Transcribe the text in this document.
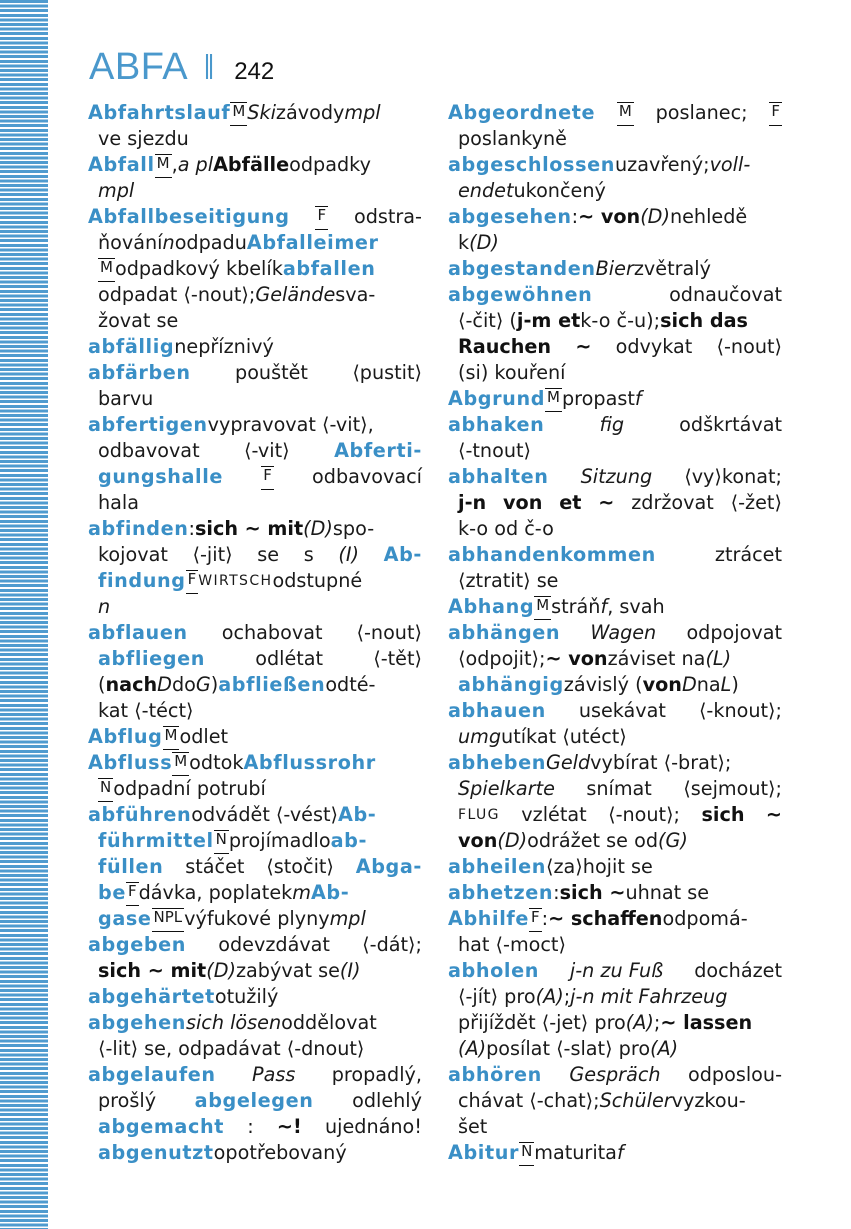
ABFA ‖ 242
Abfahrtslauf M Ski závody mpl
ve sjezdu
Abfall M , a pl Abfälle odpadky
mpl
Abfallbeseitigung F odstra-
ňování n odpadu Abfalleimer
M odpadkový kbelík abfallen
odpadat ⟨-nout⟩; Gelände sva-
žovat se
abfällig nepříznivý
abfärben pouštět ⟨pustit⟩
barvu
abfertigen vypravovat ⟨-vit⟩,
odbavovat ⟨-vit⟩ Abferti-
gungshalle	F odbavovací
hala
abfinden : sich ~ mit (D) spo-
kojovat ⟨-jit⟩ se s (I) Ab-
findung F WIRTSCH odstupné
n
abflauen ochabovat ⟨-nout⟩
abfliegen	odlétat	⟨-tět⟩
( nach D do G ) abfließen odté-
kat ⟨-téct⟩
Abflug M odlet
Abfluss M odtok Abflussrohr
N odpadní potrubí
abführen odvádět ⟨-vést⟩ Ab-
führmittel N projímadlo ab-
füllen stáčet ⟨stočit⟩ Abga-
be F dávka, poplatek m Ab-
gase NPL výfukové plyny mpl
abgeben odevzdávat ⟨-dát⟩;
sich ~ mit (D) zabývat se (I)
abgehärtet otužilý
abgehen sich lösen oddělovat
⟨-lit⟩ se, odpadávat ⟨-dnout⟩
abgelaufen Pass propadlý,
prošlý abgelegen odlehlý
abgemacht : ~! ujednáno!
abgenutzt opotřebovaný
Abgeordnete M poslanec; F
poslankyně
abgeschlossen uzavřený; voll-
endet ukončený
abgesehen : ~ von (D) nehledě
k (D)
abgestanden Bier zvětralý
abgewöhnen	odnaučovat
⟨-čit⟩ ( j-m et k-o č-u); sich das
Rauchen ~ odvykat ⟨-nout⟩
(si) kouření
Abgrund M propast f
abhaken	fig	odškrtávat
⟨-tnout⟩
abhalten Sitzung ⟨vy⟩konat;
j-n von et ~ zdržovat ⟨-žet⟩
k-o od č-o
abhandenkommen	ztrácet
⟨ztratit⟩ se
Abhang M stráň f , svah
abhängen Wagen odpojovat
⟨odpojit⟩; ~ von záviset na (L)
abhängig závislý ( von D na L )
abhauen usekávat ⟨-knout⟩;
umg utíkat ⟨utéct⟩
abheben Geld vybírat ⟨-brat⟩;
Spielkarte snímat ⟨sejmout⟩;
FLUG vzlétat ⟨-nout⟩; sich ~
von (D) odrážet se od (G)
abheilen ⟨za⟩hojit se
abhetzen : sich ~ uhnat se
Abhilfe F : ~ schaffen odpomá-
hat ⟨-moct⟩
abholen j-n zu Fuß docházet
⟨-jít⟩ pro (A) ; j-n mit Fahrzeug
přijíždět ⟨-jet⟩ pro (A) ; ~ lassen
(A) posílat ⟨-slat⟩ pro (A)
abhören Gespräch odposlou-
chávat ⟨-chat⟩; Schüler vyzkou-
šet
Abitur N maturita f
